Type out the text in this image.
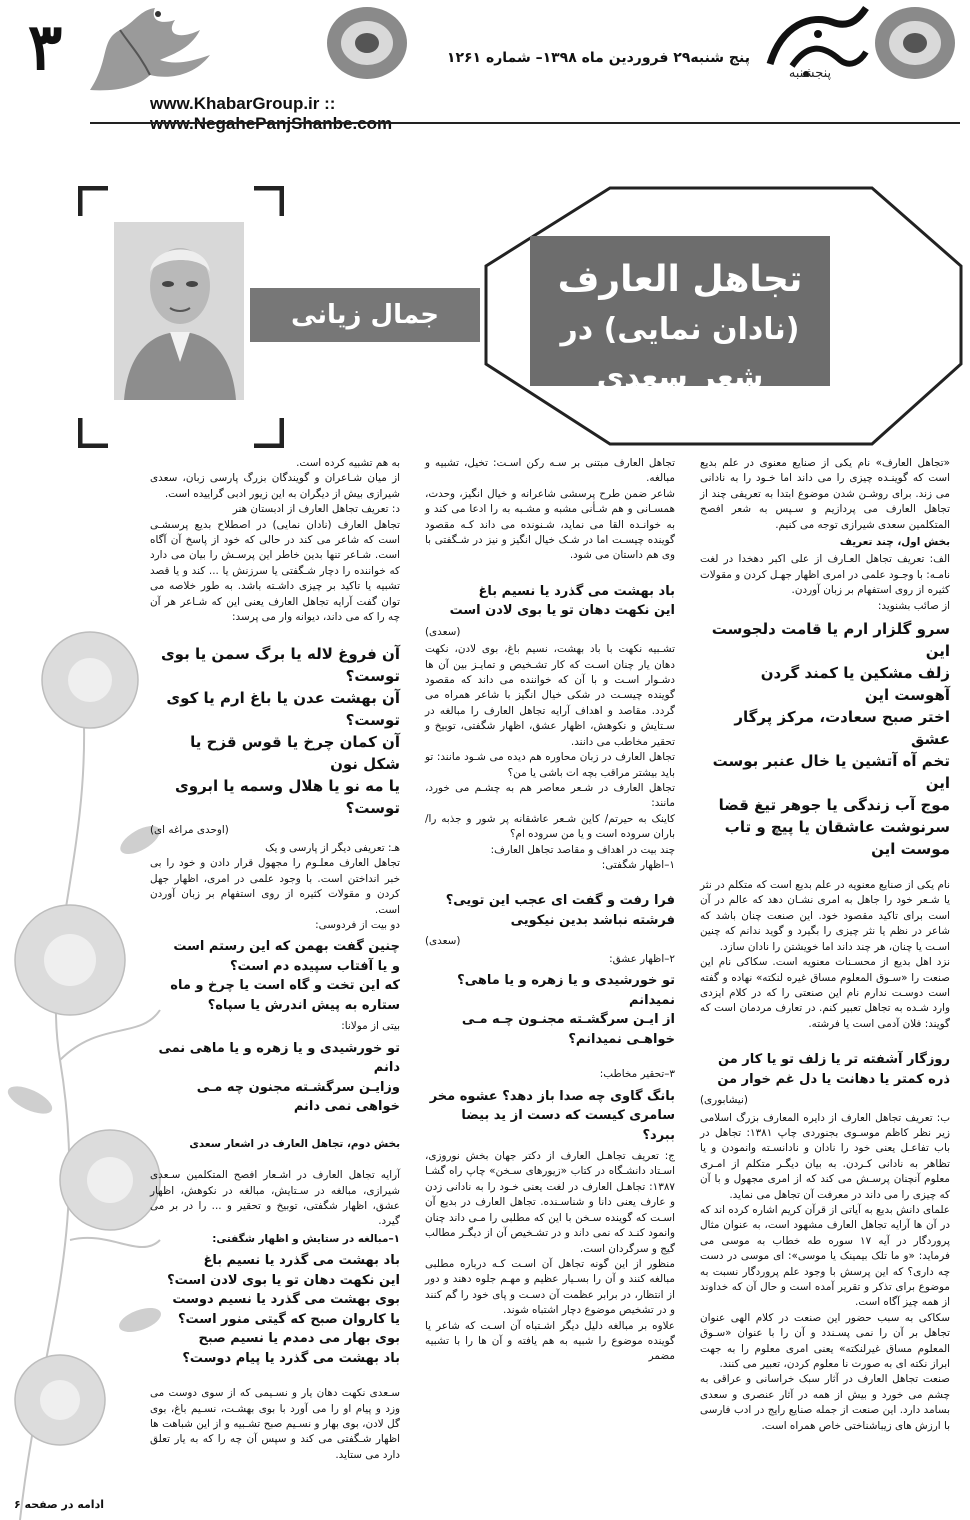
۳	پنجشنبه
پنج شنبه۲۹ فروردین ماه ۱۳۹۸– شماره ۱۲۶۱
www.KhabarGroup.ir ::
تجاهل العارف
(نادان نمایی) در شعر سعدی
جمال زیانی

«تجاهل العارف» نام یکی از صنایع معنوی در علم بدیع است که گوینـده چیزی را می داند اما خـود را به نادانی می زند. برای روشـن شدن موضوع ابتدا به تعریفی چند از تجاهل العارف می پردازیم و سـپس به شعر افصح المتکلمین سعدی شیرازی توجه می کنیم.

بخش اول، چند تعریف

الف: تعریف تجاهل العـارف از علی اکبر دهخدا در لغت نامـه: با وجـود علمی در امری اظهار جهـل کردن و مقولات کثیره از روی استفهام بر زبان آوردن.

از صائب بشنوید:

سرو گلزار ارم یا قامت دلجوست این
زلف مشکین یا کمند گردن آهوست این
اختر صبح سعادت، مرکز پرگار عشق
تخم آه آتشین یا خال عنبر بوست این
موج آب زندگی یا جوهر تیغ قضا
سرنوشت عاشقان یا پیچ و تاب موست این

نام یکی از صنایع معنویه در علم بدیع است که متکلم در نثر یا شـعر خود را جاهل به امری نشـان دهد که عالم در آن است برای تاکید مقصود خود. این صنعت چنان باشد که شاعر در نظم یا نثر چیزی را بگیرد و گوید ندانم که چنین اسـت یا چنان، هر چند داند اما خویشتن را نادان سازد.

نزد اهل بدیع از محسـنات معنویه است. سکاکی نام این صنعت را «سـوق المعلوم مساق غیره لنکته» نهاده و گفته است دوسـت ندارم نام این صنعتی را که در کلام ایزدی وارد شـده به تجاهل تعبیر کنم. در تعارف مردمان است که گویند: فلان آدمی است یا فرشته.

روزگار آشفته تر یا زلف تو یا کار من
ذره کمتر یا دهانت یا دل غم خوار من

(نیشابوری)

ب: تعریف تجاهل العارف از دایره المعارف بزرگ اسلامی زیر نظر کاظم موسـوی بجنوردی چاپ ۱۳۸۱: تجاهل در باب تفاعـل یعنی خود را نادان و نادانسـته وانمودن و یا تظاهر به نادانی کـردن. به بیان دیگـر متکلم از امـری معلوم آنچنان پرسـش می کند که از امری مجهول و با آن که چیزی را می داند در معرفت آن تجاهل می نماید.

علمای دانش بدیع به آیاتی از قرآن کریم اشاره کرده اند که در آن ها آرایه تجاهل العارف مشهود است، به عنوان مثال پروردگار در آیه ۱۷ سوره طه خطاب به موسی می فرماید: «و ما تلک بیمینک یا موسی»: ای موسی در دست چه داری؟ که این پرسش با وجود علم پروردگار نسبت به موضوع برای تذکر و تقریر آمده است و حال آن که خداوند از همه چیز آگاه است.

سکاکی به سبب حضور این صنعت در کلام الهی عنوان تجاهل بر آن را نمی پسـندد و آن را با عنوان «سـوق المعلوم مساق غیرلنکته» یعنی امری معلوم را به جهت ابراز نکته ای به صورت نا معلوم کردن، تعبیر می کنند.

صنعت تجاهل العارف در آثار سبک خراسانی و عراقی به چشم می خورد و بیش از همه در آثار عنصری و سعدی بسامد دارد. این صنعت از جمله صنایع رایج در ادب فارسی با ارزش های زیباشناختی خاص همراه است.

تجاهل العارف مبتنی بر سـه رکن اسـت: تخیل، تشبیه و مبالغه.

شاعر ضمن طرح پرسشی شاعرانه و خیال انگیز، وحدت، همسـانی و هم شـأنی مشبه و مشـبه به را ادعا می کند و به خوانـده القا می نماید، شـنونده می داند کـه مقصود گوینده چیسـت اما در شـک خیال انگیز و نیز در شـگفتی با وی هم داستان می شود.

باد بهشت می گذرد یا نسیم باغ
این نکهت دهان تو یا بوی لادن است

(سعدی)

تشـبیه نکهت با باد بهشت، نسیم باغ، بوی لادن، نکهت دهان یار چنان اسـت که کار تشـخیص و تمایـز بین آن ها دشـوار اسـت و با آن که خواننده می داند که مقصود گوینده چیسـت در شکی خیال انگیز با شاعر همراه می گردد. مقاصد و اهداف آرایه تجاهل العارف را مبالغه در سـتایش و نکوهش، اظهار عشق، اظهار شگفتی، توبیخ و تحقیر مخاطب می دانند.

تجاهل العارف در زبان محاوره هم دیده می شـود مانند: تو باید بیشتر مراقب بچه ات باشی یا من؟

تجاهل العارف در شـعر معاصر هم به چشـم می خورد، مانند:

کاینک به حیرتم/ کاین شـعر عاشقانه پر شور و جذبه را/ باران سروده است و یا من سروده ام؟

چند بیت در اهداف و مقاصد تجاهل العارف:

۱–اظهار شگفتی:

فرا رفت و گفت ای عجب این تویی؟
فرشته نباشد بدین نیکویی

(سعدی)

۲–اظهار عشق:

تو خورشیدی و یا زهره و یا ماهی؟ نمیدانم
از ایـن سرگشـته مجنـون چـه مـی خواهـی نمیدانم؟

۳–تحقیر مخاطب:

بانگ گاوی چه صدا باز دهد؟ عشوه مخر
سامری کیست که دست از ید بیضا ببرد؟

ج: تعریف تجاهـل العارف از دکتر جهان بخش نوروزی، اسـتاد دانشـگاه در کتاب «زیورهای سـخن» چاپ راه گشـا ۱۳۸۷: تجاهـل العارف در لغت یعنی خـود را به نادانی زدن و عارف یعنی دانا و شناسـنده. تجاهل العارف در بدیع آن اسـت که گوینده سـخن با این که مطلبی را مـی داند چنان وانمود کنـد که نمی داند و در تشـخیص آن از دیگـر مطالب گیج و سرگردان است.

منظور از این گونه تجاهل آن اسـت کـه درباره مطلبی مبالغه کنند و آن را بسـیار عظیم و مهـم جلوه دهند و دور از انتظار، در برابر عظمت آن دسـت و پای خود را گم کنند و در تشخیص موضوع دچار اشتباه شوند.

علاوه بر مبالغه دلیل دیگر اشـتباه آن اسـت که شاعر یا گوینده موضوع را شبیه به هم یافته و آن ها را با تشبیه مضمر

به هم تشبیه کرده است.

از میان شـاعران و گویندگان بزرگ پارسی زبان، سعدی شیرازی بیش از دیگران به این زیور ادبی گراییده است.

د: تعریف تجاهل العارف از ادبستان هنر

تجاهل العارف (نادان نمایی) در اصطلاح بدیع پرسشـی است که شاعر می کند در حالی که خود از پاسخ آن آگاه است. شـاعر تنها بدین خاطر این پرسـش را بیان می دارد که خواننده را دچار شـگفتی یا سرزنش یا ... کند و یا قصد تشبیه یا تاکید بر چیزی داشـته باشد. به طور خلاصه می توان گفت آرایه تجاهل العارف یعنی این که شـاعر هر آن چه را که می داند، دیوانه وار می پرسد:

آن فروغ لاله یا برگ سمن یا بوی توست؟
آن بهشت عدن یا باغ ارم یا کوی توست؟
آن کمان چرخ یا قوس قزح یا شکل نون
یا مه نو یا هلال وسمه یا ابروی توست؟

(اوحدی مراغه ای)

هـ: تعریفی دیگر از پارسی و یک

تجاهل العارف معلـوم را مجهول قرار دادن و خود را بی خبر انداختن است. با وجود علمی در امری، اظهار جهل کردن و مقولات کثیره از روی استفهام بر زبان آوردن است.

دو بیت از فردوسی:

چنین گفت بهمن که این رستم است
و یا آفتاب سپیده دم است؟
که این تخت و گاه است یا چرخ و ماه
ستاره به پیش اندرش یا سپاه؟

بیتی از مولانا:

تو خورشیدی و یا زهره و یا ماهی نمی دانم
وزایـن سرگشـته مجنون چه مـی خواهی نمی دانم

بخش دوم، تجاهل العارف در اشعار سعدی

آرایه تجاهل العارف در اشـعار افصح المتکلمین سـعدی شیرازی، مبالغه در سـتایش، مبالغه در نکوهش، اظهار عشق، اظهار شگفتی، توبیخ و تحقیر و ... را در بر می گیرد.

۱–مبالغه در ستایش و اظهار شگفتی:

باد بهشت می گذرد یا نسیم باغ
این نکهت دهان تو یا بوی لادن است؟
بوی بهشت می گذرد یا نسیم دوست
یا کاروان صبح که گیتی منور است؟
بوی بهار می دمدم یا نسیم صبح
باد بهشت می گذرد یا پیام دوست؟

سـعدی نکهت دهان یار و نسـیمی که از سوی دوست می وزد و پیام او را می آورد با بوی بهشـت، نسـیم باغ، بوی گل لادن، بوی بهار و نسـیم صبح تشـبیه و از این شباهت ها اظهار شـگفتی می کند و سپس آن چه را که به یار تعلق دارد می ستاید.

ادامه در صفحه ۶
